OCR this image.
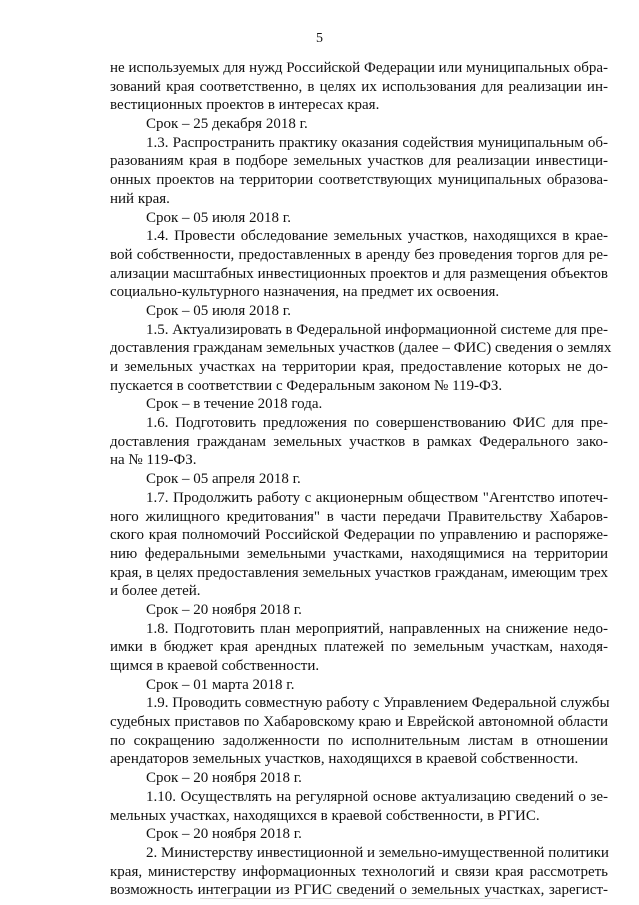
5
не используемых для нужд Российской Федерации или муниципальных обра-
зований края соответственно, в целях их использования для реализации ин-
вестиционных проектов в интересах края.
Срок – 25 декабря 2018 г.
1.3. Распространить практику оказания содействия муниципальным об-
разованиям края в подборе земельных участков для реализации инвестици-
онных проектов на территории соответствующих муниципальных образова-
ний края.
Срок – 05 июля 2018 г.
1.4. Провести обследование земельных участков, находящихся в крае-
вой собственности, предоставленных в аренду без проведения торгов для ре-
ализации масштабных инвестиционных проектов и для размещения объектов
социально-культурного назначения, на предмет их освоения.
Срок – 05 июля 2018 г.
1.5. Актуализировать в Федеральной информационной системе для пре-
доставления гражданам земельных участков (далее – ФИС) сведения о землях
и земельных участках на территории края, предоставление которых не до-
пускается в соответствии с Федеральным законом № 119-ФЗ.
Срок – в течение 2018 года.
1.6. Подготовить предложения по совершенствованию ФИС для пре-
доставления гражданам земельных участков в рамках Федерального зако-
на № 119-ФЗ.
Срок – 05 апреля 2018 г.
1.7. Продолжить работу с акционерным обществом "Агентство ипотеч-
ного жилищного кредитования" в части передачи Правительству Хабаров-
ского края полномочий Российской Федерации по управлению и распоряже-
нию федеральными земельными участками, находящимися на территории
края, в целях предоставления земельных участков гражданам, имеющим трех
и более детей.
Срок – 20 ноября 2018 г.
1.8. Подготовить план мероприятий, направленных на снижение недо-
имки в бюджет края арендных платежей по земельным участкам, находя-
щимся в краевой собственности.
Срок – 01 марта 2018 г.
1.9. Проводить совместную работу с Управлением Федеральной службы
судебных приставов по Хабаровскому краю и Еврейской автономной области
по сокращению задолженности по исполнительным листам в отношении
арендаторов земельных участков, находящихся в краевой собственности.
Срок – 20 ноября 2018 г.
1.10. Осуществлять на регулярной основе актуализацию сведений о зе-
мельных участках, находящихся в краевой собственности, в РГИС.
Срок – 20 ноября 2018 г.
2. Министерству инвестиционной и земельно-имущественной политики
края, министерству информационных технологий и связи края рассмотреть
возможность интеграции из РГИС сведений о земельных участках, зарегист-
